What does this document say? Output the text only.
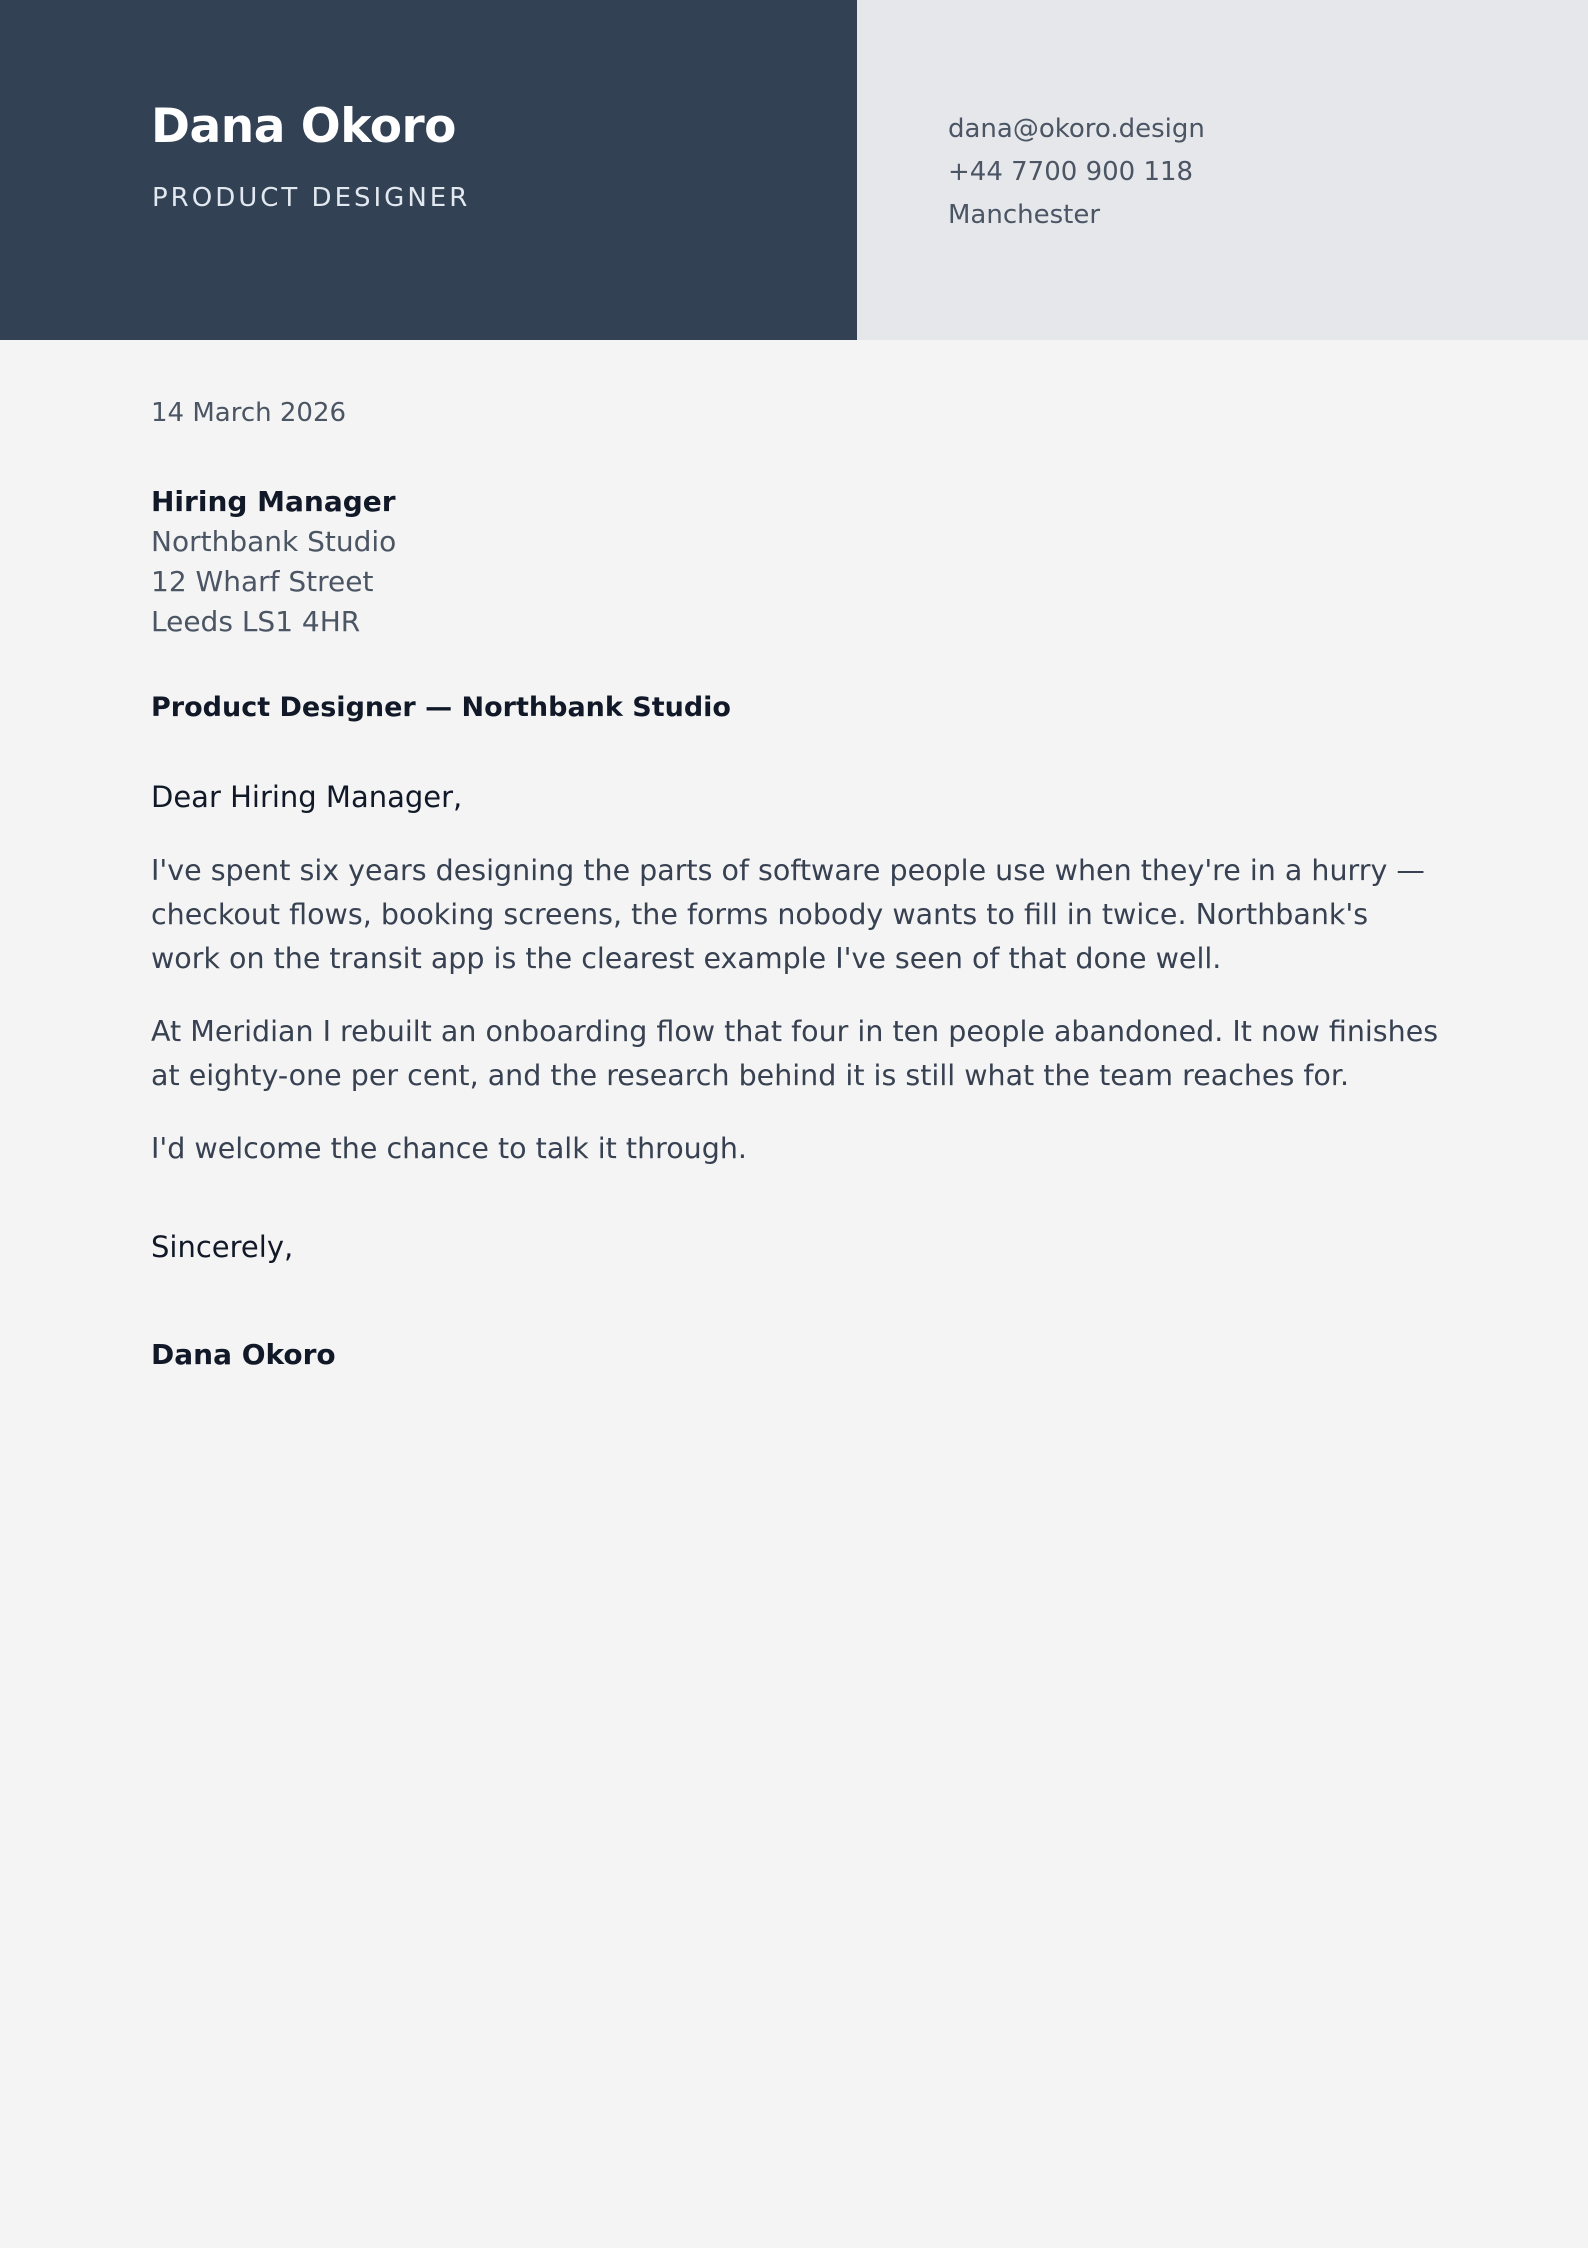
Dana Okoro
PRODUCT DESIGNER
dana@okoro.design
+44 7700 900 118
Manchester
14 March 2026
Hiring Manager
Northbank Studio
12 Wharf Street
Leeds LS1 4HR
Product Designer — Northbank Studio
Dear Hiring Manager,

I've spent six years designing the parts of software people use when they're in a hurry — checkout flows, booking screens, the forms nobody wants to fill in twice. Northbank's work on the transit app is the clearest example I've seen of that done well.

At Meridian I rebuilt an onboarding flow that four in ten people abandoned. It now finishes at eighty-one per cent, and the research behind it is still what the team reaches for.

I'd welcome the chance to talk it through.

Sincerely,
Dana Okoro
